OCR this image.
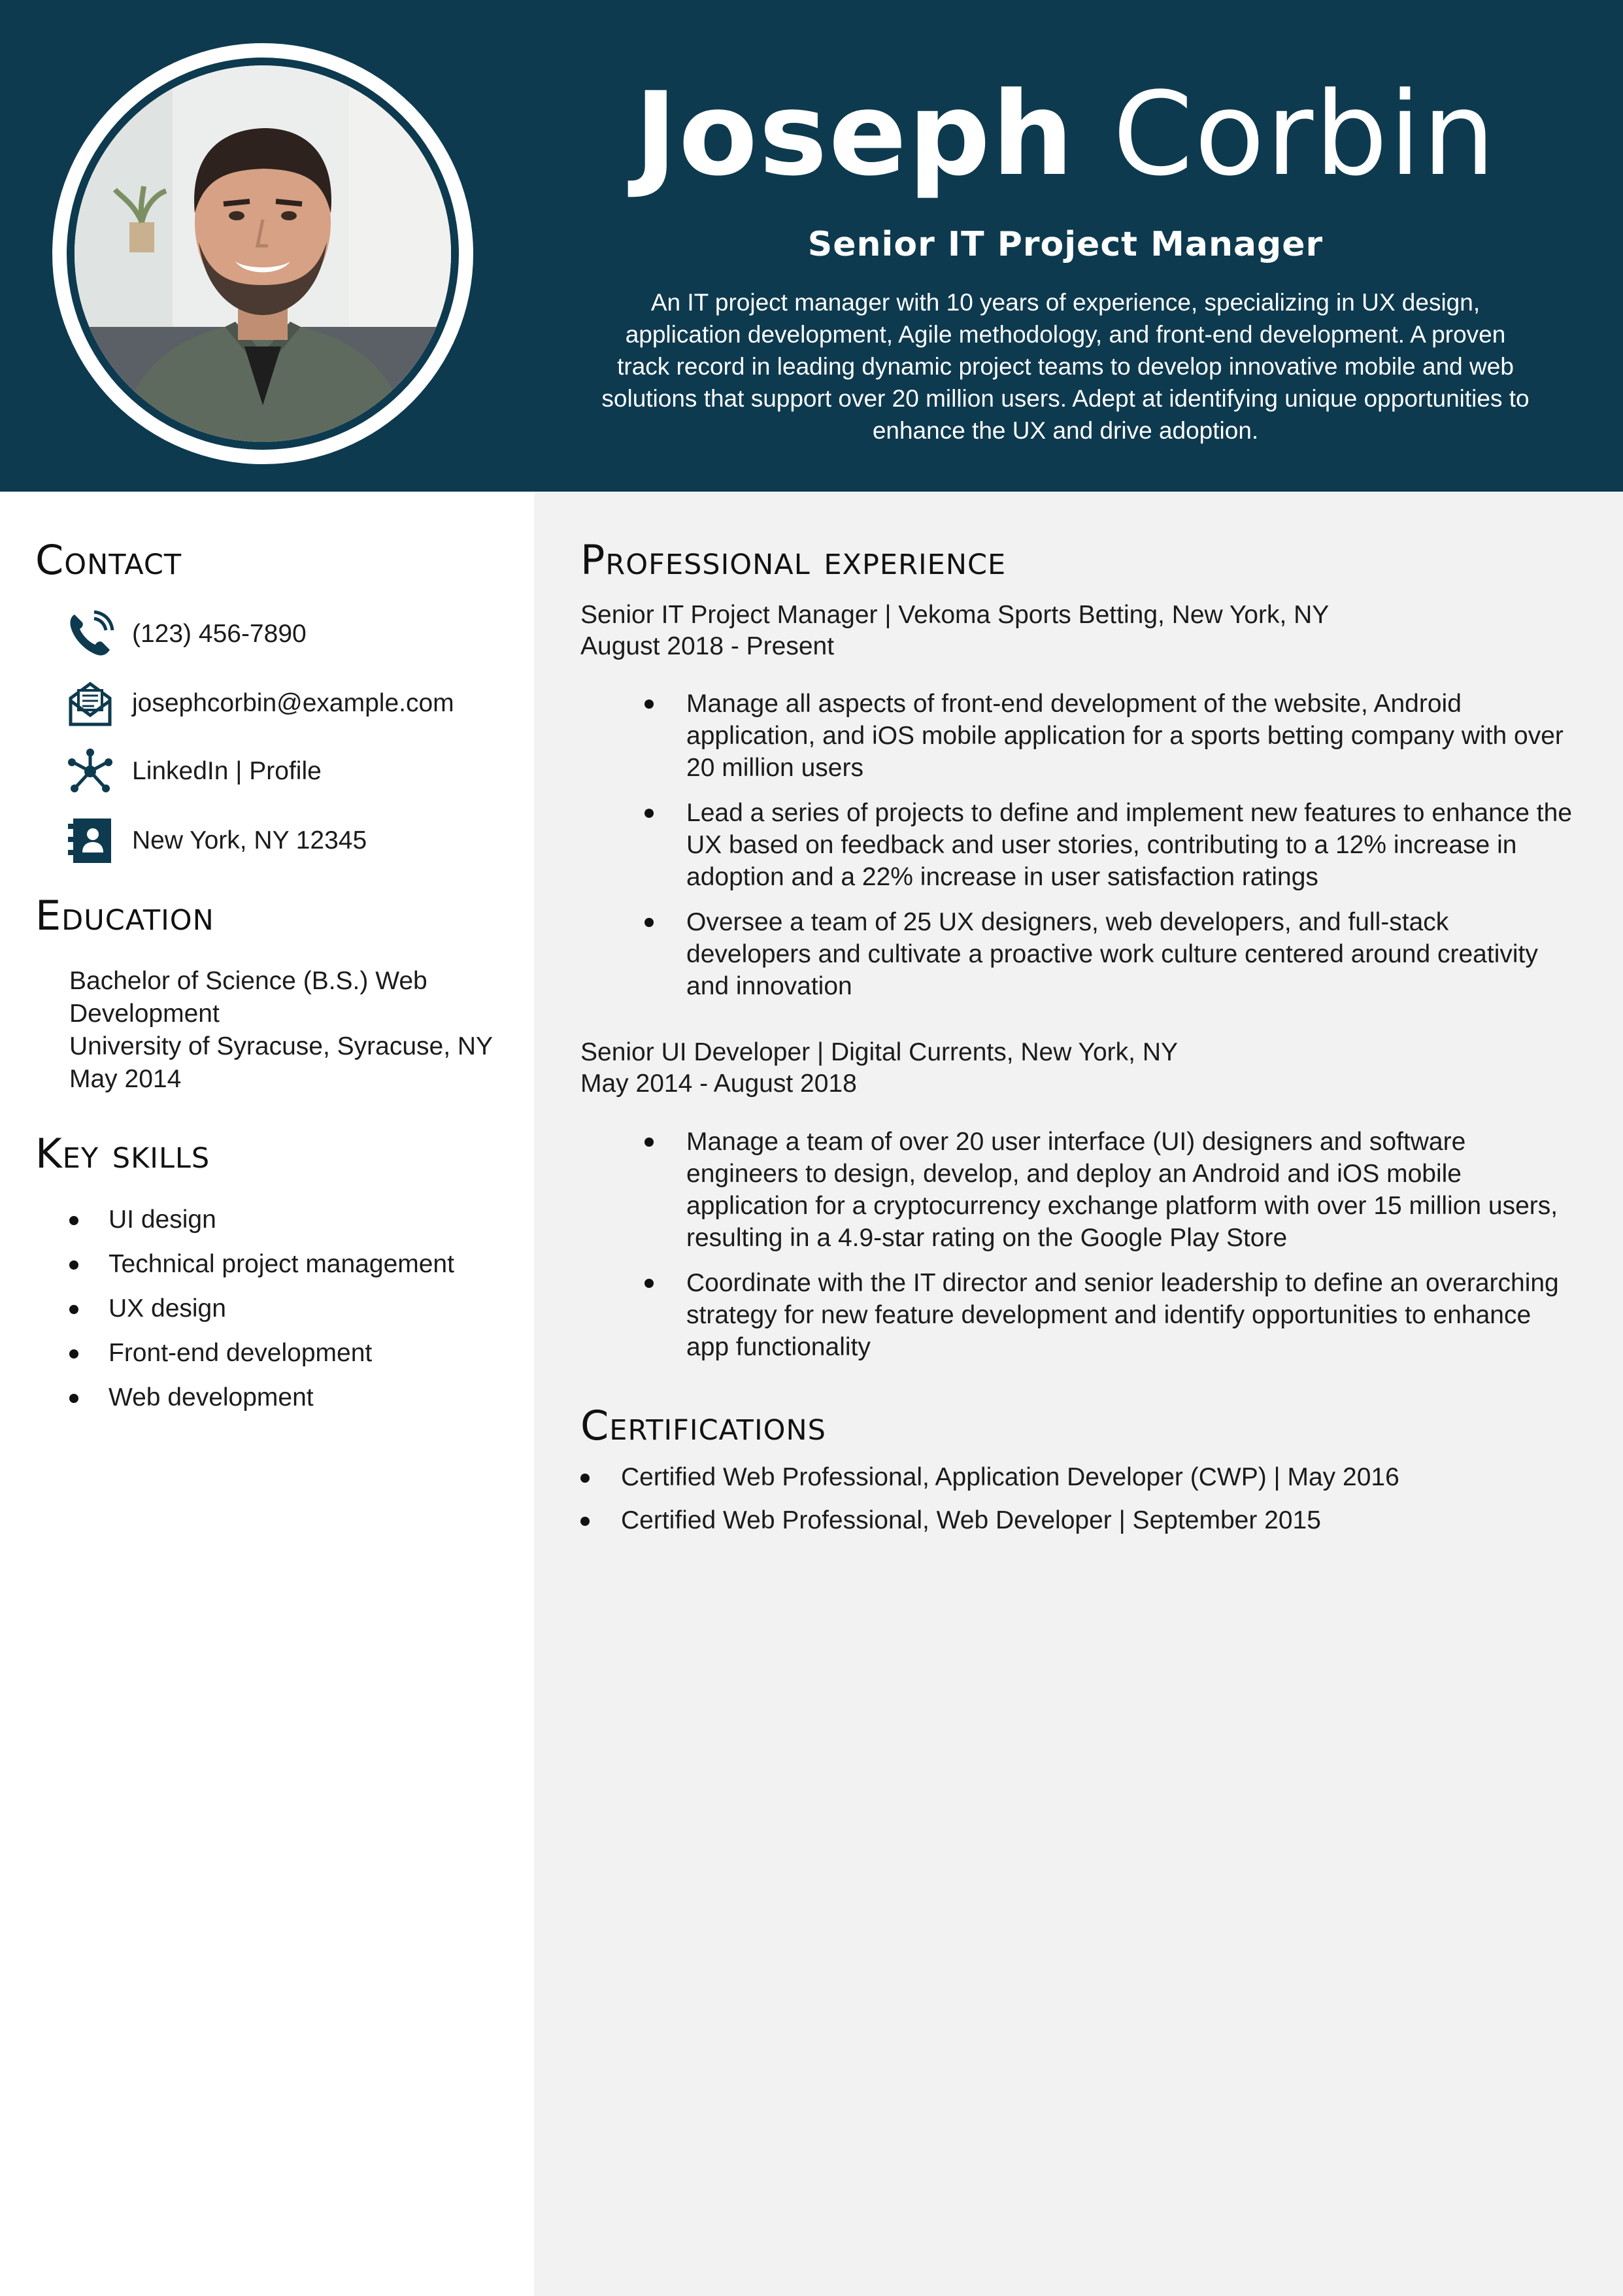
Joseph Corbin
Senior IT Project Manager
An IT project manager with 10 years of experience, specializing in UX design, application development, Agile methodology, and front-end development. A proven track record in leading dynamic project teams to develop innovative mobile and web solutions that support over 20 million users. Adept at identifying unique opportunities to enhance the UX and drive adoption.
Contact
(123) 456-7890
josephcorbin@example.com
LinkedIn | Profile
New York, NY 12345
Education
Bachelor of Science (B.S.) Web
Development
University of Syracuse, Syracuse, NY
May 2014
Key skills
UI design
Technical project management
UX design
Front-end development
Web development
Professional experience
Senior IT Project Manager | Vekoma Sports Betting, New York, NY
August 2018 - Present
Manage all aspects of front-end development of the website, Android application, and iOS mobile application for a sports betting company with over 20 million users
Lead a series of projects to define and implement new features to enhance the UX based on feedback and user stories, contributing to a 12% increase in adoption and a 22% increase in user satisfaction ratings
Oversee a team of 25 UX designers, web developers, and full-stack developers and cultivate a proactive work culture centered around creativity and innovation
Senior UI Developer | Digital Currents, New York, NY
May 2014 - August 2018
Manage a team of over 20 user interface (UI) designers and software engineers to design, develop, and deploy an Android and iOS mobile application for a cryptocurrency exchange platform with over 15 million users, resulting in a 4.9-star rating on the Google Play Store
Coordinate with the IT director and senior leadership to define an overarching strategy for new feature development and identify opportunities to enhance app functionality
Certifications
Certified Web Professional, Application Developer (CWP) | May 2016
Certified Web Professional, Web Developer | September 2015
